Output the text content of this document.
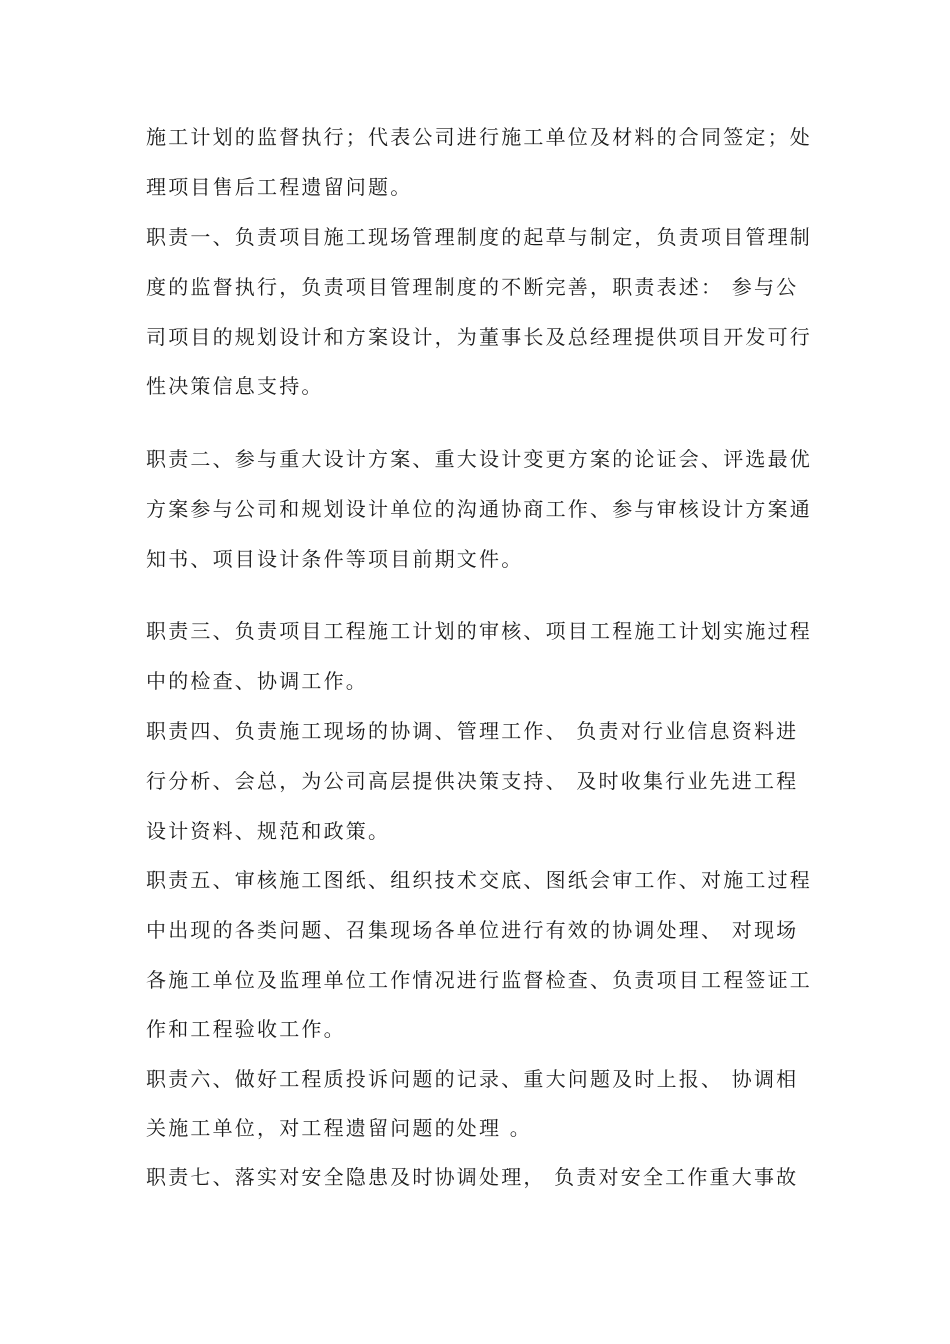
施工计划的监督执行；代表公司进行施工单位及材料的合同签定；处
理项目售后工程遗留问题。
职责一、负责项目施工现场管理制度的起草与制定，负责项目管理制
度的监督执行，负责项目管理制度的不断完善，职责表述： 参与公
司项目的规划设计和方案设计，为董事长及总经理提供项目开发可行
性决策信息支持。
职责二、参与重大设计方案、重大设计变更方案的论证会、评选最优
方案参与公司和规划设计单位的沟通协商工作、参与审核设计方案通
知书、项目设计条件等项目前期文件。
职责三、负责项目工程施工计划的审核、项目工程施工计划实施过程
中的检查、协调工作。
职责四、负责施工现场的协调、管理工作、 负责对行业信息资料进
行分析、会总，为公司高层提供决策支持、 及时收集行业先进工程
设计资料、规范和政策。
职责五、审核施工图纸、组织技术交底、图纸会审工作、对施工过程
中出现的各类问题、召集现场各单位进行有效的协调处理、 对现场
各施工单位及监理单位工作情况进行监督检查、负责项目工程签证工
作和工程验收工作。
职责六、做好工程质投诉问题的记录、重大问题及时上报、 协调相
关施工单位，对工程遗留问题的处理 。
职责七、落实对安全隐患及时协调处理， 负责对安全工作重大事故
